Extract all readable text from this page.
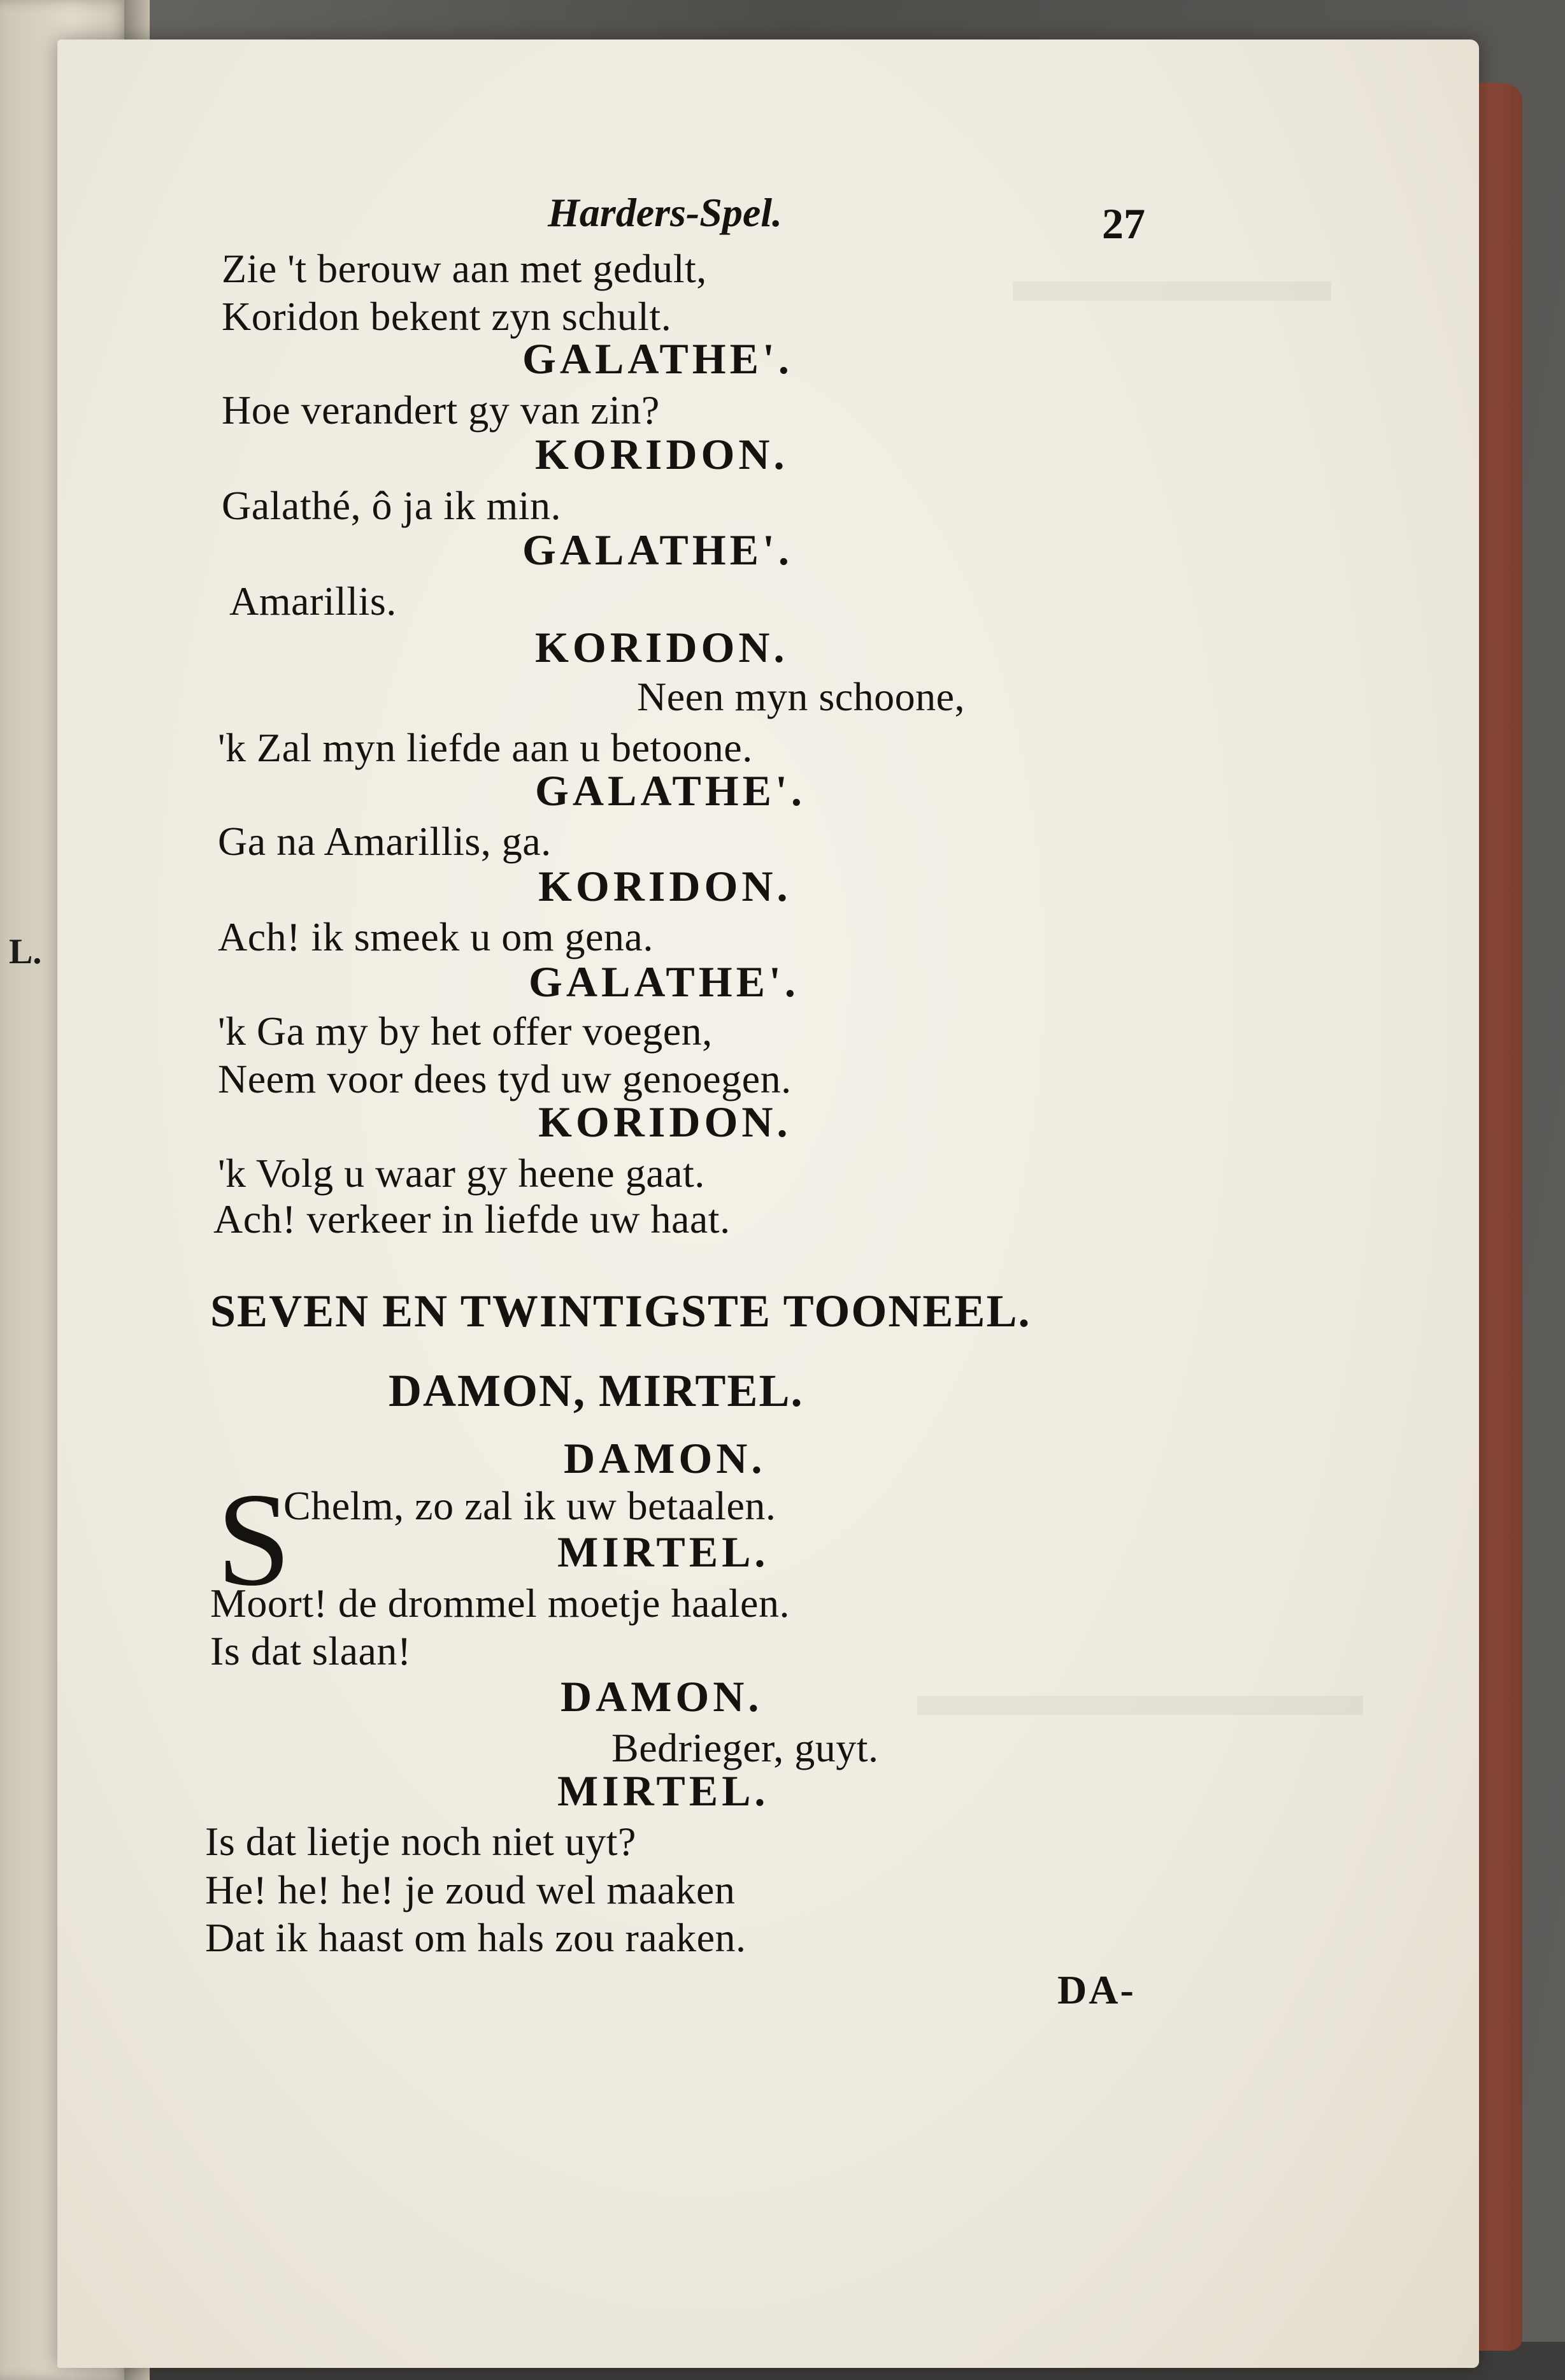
L.
Harders-Spel.	27
Zie 't berouw aan met gedult,
Koridon bekent zyn schult.
GALATHE'.
Hoe verandert gy van zin?
KORIDON.
Galathé, ô ja ik min.
GALATHE'.
Amarillis.
KORIDON.
Neen myn schoone,
'k Zal myn liefde aan u betoone.
GALATHE'.
Ga na Amarillis, ga.
KORIDON.
Ach! ik smeek u om gena.
GALATHE'.
'k Ga my by het offer voegen,
Neem voor dees tyd uw genoegen.
KORIDON.
'k Volg u waar gy heene gaat.
Ach! verkeer in liefde uw haat.
SEVEN EN TWINTIGSTE TOONEEL.
DAMON, MIRTEL.
DAMON.
S
Chelm, zo zal ik uw betaalen.
MIRTEL.
Moort! de drommel moetje haalen.
Is dat slaan!
DAMON.
Bedrieger, guyt.
MIRTEL.
Is dat lietje noch niet uyt?
He! he! he! je zoud wel maaken
Dat ik haast om hals zou raaken.
DA-
